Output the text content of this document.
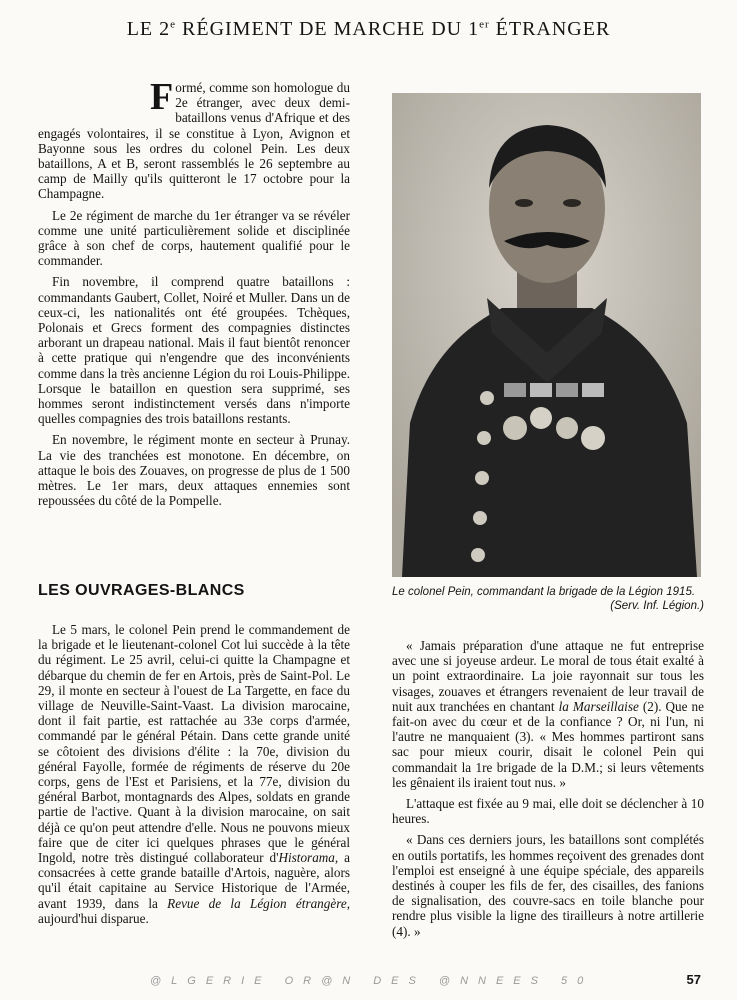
LE 2e RÉGIMENT DE MARCHE DU 1er ÉTRANGER

Formé, comme son homologue du 2e étranger, avec deux demi-bataillons venus d'Afrique et des engagés volontaires, il se constitue à Lyon, Avignon et Bayonne sous les ordres du colonel Pein. Les deux bataillons, A et B, seront rassemblés le 26 septembre au camp de Mailly qu'ils quitteront le 17 octobre pour la Champagne.

Le 2e régiment de marche du 1er étranger va se révéler comme une unité particulièrement solide et disciplinée grâce à son chef de corps, hautement qualifié pour le commander.

Fin novembre, il comprend quatre bataillons : commandants Gaubert, Collet, Noiré et Muller. Dans un de ceux-ci, les nationalités ont été groupées. Tchèques, Polonais et Grecs forment des compagnies distinctes arborant un drapeau national. Mais il faut bientôt renoncer à cette pratique qui n'engendre que des inconvénients comme dans la très ancienne Légion du roi Louis-Philippe. Lorsque le bataillon en question sera supprimé, ses hommes seront indistinctement versés dans n'importe quelles compagnies des trois bataillons restants.

En novembre, le régiment monte en secteur à Prunay. La vie des tranchées est monotone. En décembre, on attaque le bois des Zouaves, on progresse de plus de 1 500 mètres. Le 1er mars, deux attaques ennemies sont repoussées du côté de la Pompelle.

Le colonel Pein, commandant la brigade de la Légion 1915.
(Serv. Inf. Légion.)
LES OUVRAGES-BLANCS

Le 5 mars, le colonel Pein prend le commandement de la brigade et le lieutenant-colonel Cot lui succède à la tête du régiment. Le 25 avril, celui-ci quitte la Champagne et débarque du chemin de fer en Artois, près de Saint-Pol. Le 29, il monte en secteur à l'ouest de La Targette, en face du village de Neuville-Saint-Vaast. La division marocaine, dont il fait partie, est rattachée au 33e corps d'armée, commandé par le général Pétain. Dans cette grande unité se côtoient des divisions d'élite : la 70e, division du général Fayolle, formée de régiments de réserve du 20e corps, gens de l'Est et Parisiens, et la 77e, division du général Barbot, montagnards des Alpes, soldats en grande partie de l'active. Quant à la division marocaine, on sait déjà ce qu'on peut attendre d'elle. Nous ne pouvons mieux faire que de citer ici quelques phrases que le général Ingold, notre très distingué collaborateur d'Historama, a consacrées à cette grande bataille d'Artois, naguère, alors qu'il était capitaine au Service Historique de l'Armée, avant 1939, dans la Revue de la Légion étrangère, aujourd'hui disparue.

« Jamais préparation d'une attaque ne fut entreprise avec une si joyeuse ardeur. Le moral de tous était exalté à un point extraordinaire. La joie rayonnait sur tous les visages, zouaves et étrangers revenaient de leur travail de nuit aux tranchées en chantant la Marseillaise (2). Que ne fait-on avec du cœur et de la confiance ? Or, ni l'un, ni l'autre ne manquaient (3). « Mes hommes partiront sans sac pour mieux courir, disait le colonel Pein qui commandait la 1re brigade de la D.M.; si leurs vêtements les gênaient ils iraient tout nus. »

L'attaque est fixée au 9 mai, elle doit se déclencher à 10 heures.

« Dans ces derniers jours, les bataillons sont complétés en outils portatifs, les hommes reçoivent des grenades dont l'emploi est enseigné à une équipe spéciale, des appareils destinés à couper les fils de fer, des cisailles, des fanions de signalisation, des couvre-sacs en toile blanche pour rendre plus visible la ligne des tirailleurs à notre artillerie (4). »

@LGERIE OR@N DES @NNEES 50	57
